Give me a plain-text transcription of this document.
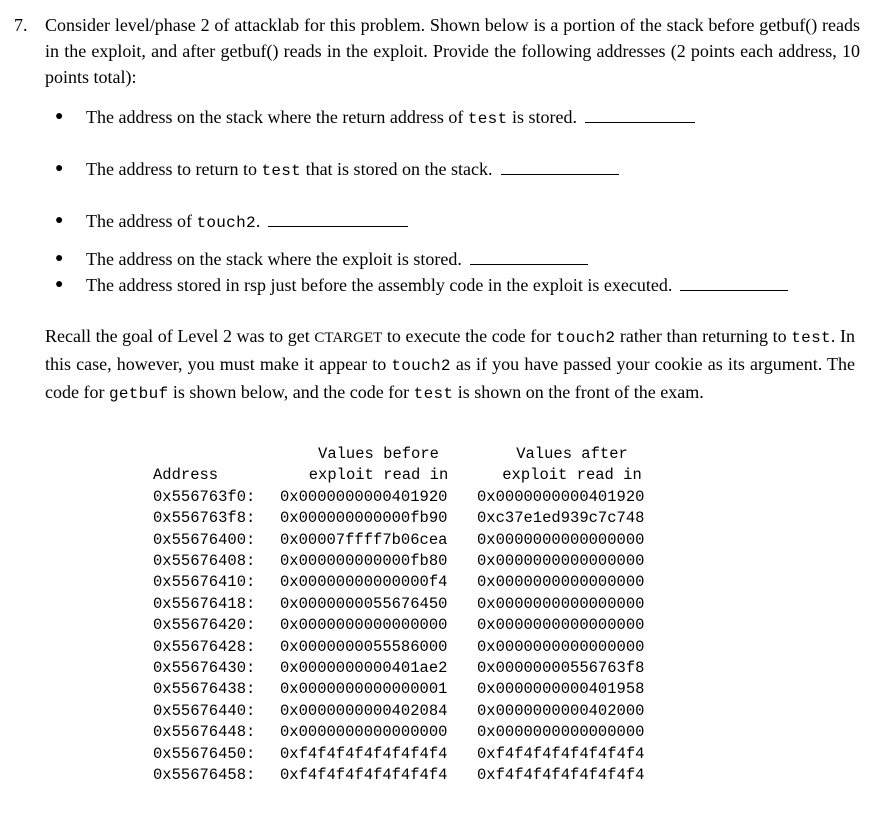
7. Consider level/phase 2 of attacklab for this problem. Shown below is a portion of the stack before getbuf() reads in the exploit, and after getbuf() reads in the exploit. Provide the following addresses (2 points each address, 10 points total):
● The address on the stack where the return address of test is stored.
● The address to return to test that is stored on the stack.
● The address of touch2.
● The address on the stack where the exploit is stored.
● The address stored in rsp just before the assembly code in the exploit is executed.
Recall the goal of Level 2 was to get CTARGET to execute the code for touch2 rather than returning to test. In this case, however, you must make it appear to touch2 as if you have passed your cookie as its argument. The code for getbuf is shown below, and the code for test is shown on the front of the exam.
	Values before	Values after
Address	exploit read in	exploit read in
0x556763f0:	0x0000000000401920	0x0000000000401920
0x556763f8:	0x000000000000fb90	0xc37e1ed939c7c748
0x55676400:	0x00007ffff7b06cea	0x0000000000000000
0x55676408:	0x000000000000fb80	0x0000000000000000
0x55676410:	0x00000000000000f4	0x0000000000000000
0x55676418:	0x0000000055676450	0x0000000000000000
0x55676420:	0x0000000000000000	0x0000000000000000
0x55676428:	0x0000000055586000	0x0000000000000000
0x55676430:	0x0000000000401ae2	0x00000000556763f8
0x55676438:	0x0000000000000001	0x0000000000401958
0x55676440:	0x0000000000402084	0x0000000000402000
0x55676448:	0x0000000000000000	0x0000000000000000
0x55676450:	0xf4f4f4f4f4f4f4f4	0xf4f4f4f4f4f4f4f4
0x55676458:	0xf4f4f4f4f4f4f4f4	0xf4f4f4f4f4f4f4f4
